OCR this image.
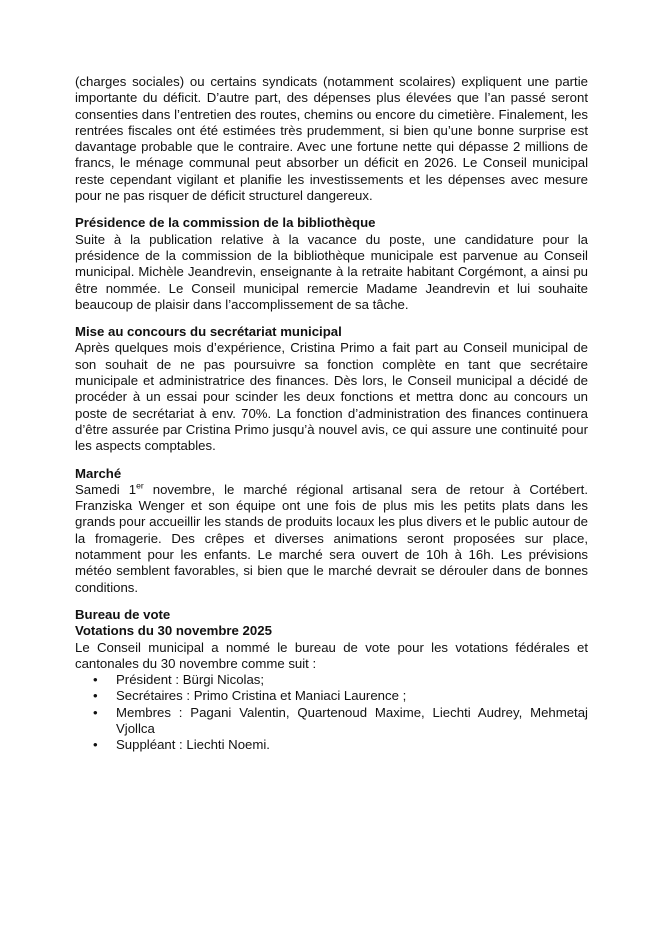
(charges sociales) ou certains syndicats (notamment scolaires) expliquent une partie importante du déficit. D’autre part, des dépenses plus élevées que l’an passé seront consenties dans l’entretien des routes, chemins ou encore du cimetière. Finalement, les rentrées fiscales ont été estimées très prudemment, si bien qu’une bonne surprise est davantage probable que le contraire. Avec une fortune nette qui dépasse 2 millions de francs, le ménage communal peut absorber un déficit en 2026. Le Conseil municipal reste cependant vigilant et planifie les investissements et les dépenses avec mesure pour ne pas risquer de déficit structurel dangereux.

Présidence de la commission de la bibliothèque

Suite à la publication relative à la vacance du poste, une candidature pour la présidence de la commission de la bibliothèque municipale est parvenue au Conseil municipal. Michèle Jeandrevin, enseignante à la retraite habitant Corgémont, a ainsi pu être nommée. Le Conseil municipal remercie Madame Jeandrevin et lui souhaite beaucoup de plaisir dans l’accomplissement de sa tâche.

Mise au concours du secrétariat municipal

Après quelques mois d’expérience, Cristina Primo a fait part au Conseil municipal de son souhait de ne pas poursuivre sa fonction complète en tant que secrétaire municipale et administratrice des finances. Dès lors, le Conseil municipal a décidé de procéder à un essai pour scinder les deux fonctions et mettra donc au concours un poste de secrétariat à env. 70%. La fonction d’administration des finances continuera d’être assurée par Cristina Primo jusqu’à nouvel avis, ce qui assure une continuité pour les aspects comptables.

Marché

Samedi 1er novembre, le marché régional artisanal sera de retour à Cortébert. Franziska Wenger et son équipe ont une fois de plus mis les petits plats dans les grands pour accueillir les stands de produits locaux les plus divers et le public autour de la fromagerie. Des crêpes et diverses animations seront proposées sur place, notamment pour les enfants. Le marché sera ouvert de 10h à 16h. Les prévisions météo semblent favorables, si bien que le marché devrait se dérouler dans de bonnes conditions.

Bureau de vote
Votations du 30 novembre 2025

Le Conseil municipal a nommé le bureau de vote pour les votations fédérales et cantonales du 30 novembre comme suit :

• Président : Bürgi Nicolas;
• Secrétaires : Primo Cristina et Maniaci Laurence ;
• Membres : Pagani Valentin, Quartenoud Maxime, Liechti Audrey, Mehmetaj Vjollca
• Suppléant : Liechti Noemi.
